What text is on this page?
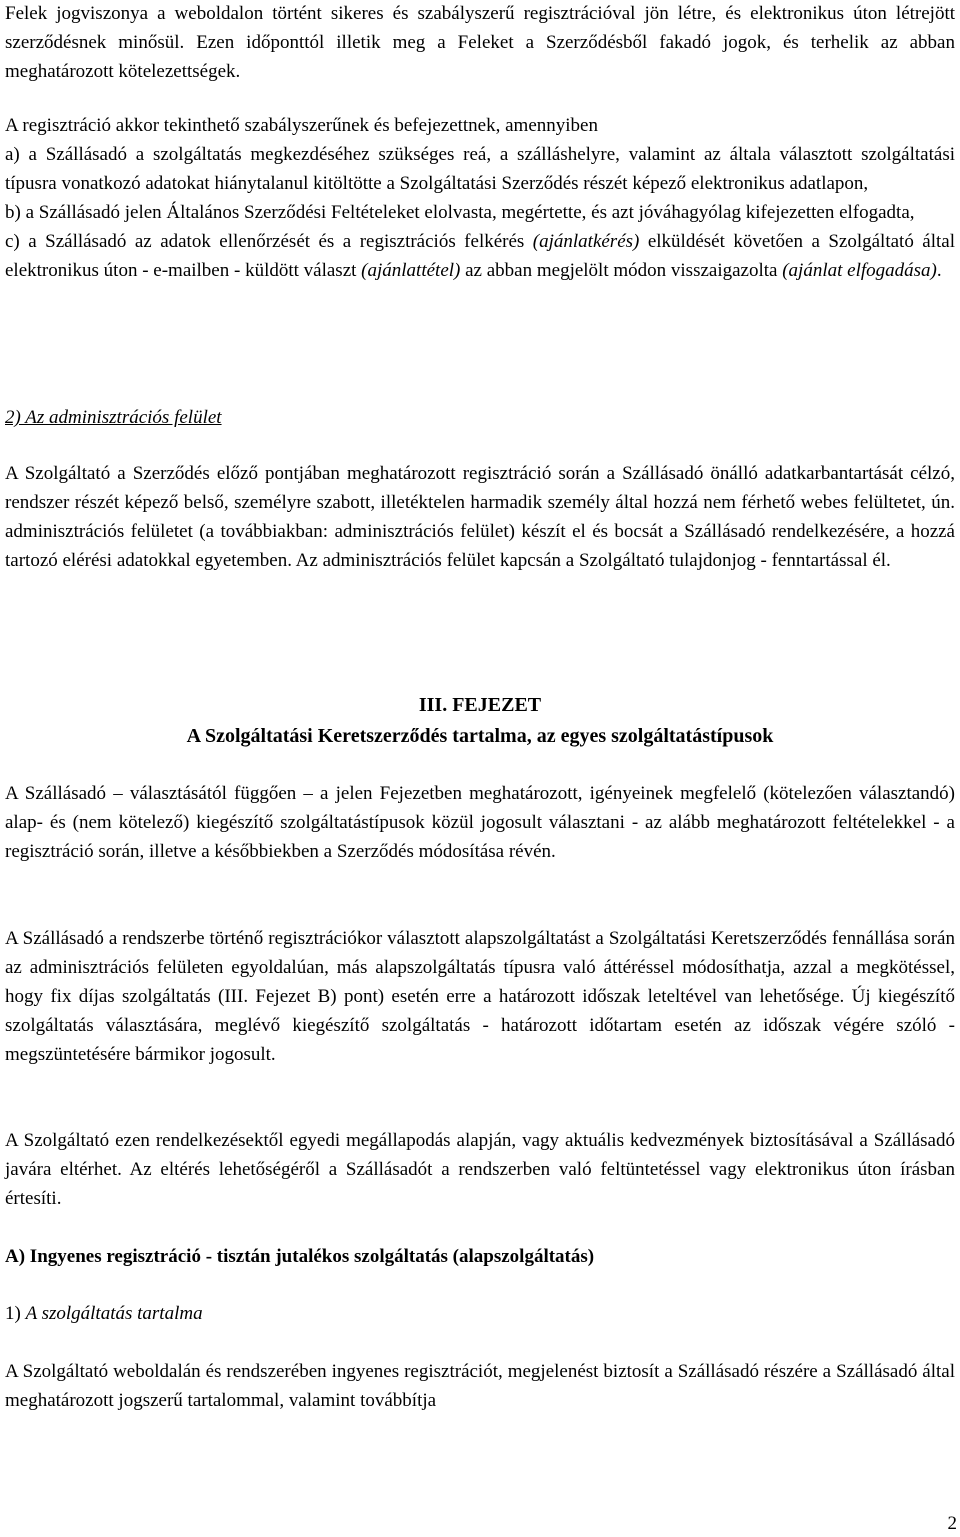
Felek jogviszonya a weboldalon történt sikeres és szabályszerű regisztrációval jön létre, és elektronikus úton létrejött szerződésnek minősül. Ezen időponttól illetik meg a Feleket a Szerződésből fakadó jogok, és terhelik az abban meghatározott kötelezettségek.

A regisztráció akkor tekinthető szabályszerűnek és befejezettnek, amennyiben

a) a Szállásadó a szolgáltatás megkezdéséhez szükséges reá, a szálláshelyre, valamint az általa választott szolgáltatási típusra vonatkozó adatokat hiánytalanul kitöltötte a Szolgáltatási Szerződés részét képező elektronikus adatlapon,

b) a Szállásadó jelen Általános Szerződési Feltételeket elolvasta, megértette, és azt jóváhagyólag kifejezetten elfogadta,

c) a Szállásadó az adatok ellenőrzését és a regisztrációs felkérés (ajánlatkérés) elküldését követően a Szolgáltató által elektronikus úton - e-mailben - küldött választ (ajánlattétel) az abban megjelölt módon visszaigazolta (ajánlat elfogadása).

2) Az adminisztrációs felület

A Szolgáltató a Szerződés előző pontjában meghatározott regisztráció során a Szállásadó önálló adatkarbantartását célzó, rendszer részét képező belső, személyre szabott, illetéktelen harmadik személy által hozzá nem férhető webes felültetet, ún. adminisztrációs felületet (a továbbiakban: adminisztrációs felület) készít el és bocsát a Szállásadó rendelkezésére, a hozzá tartozó elérési adatokkal egyetemben. Az adminisztrációs felület kapcsán a Szolgáltató tulajdonjog - fenntartással él.

III. FEJEZET
A Szolgáltatási Keretszerződés tartalma, az egyes szolgáltatástípusok

A Szállásadó – választásától függően – a jelen Fejezetben meghatározott, igényeinek megfelelő (kötelezően választandó) alap- és (nem kötelező) kiegészítő szolgáltatástípusok közül jogosult választani - az alább meghatározott feltételekkel - a regisztráció során, illetve a későbbiekben a Szerződés módosítása révén.

A Szállásadó a rendszerbe történő regisztrációkor választott alapszolgáltatást a Szolgáltatási Keretszerződés fennállása során az adminisztrációs felületen egyoldalúan, más alapszolgáltatás típusra való áttéréssel módosíthatja, azzal a megkötéssel, hogy fix díjas szolgáltatás (III. Fejezet B) pont) esetén erre a határozott időszak leteltével van lehetősége. Új kiegészítő szolgáltatás választására, meglévő kiegészítő szolgáltatás - határozott időtartam esetén az időszak végére szóló - megszüntetésére bármikor jogosult.

A Szolgáltató ezen rendelkezésektől egyedi megállapodás alapján, vagy aktuális kedvezmények biztosításával a Szállásadó javára eltérhet. Az eltérés lehetőségéről a Szállásadót a rendszerben való feltüntetéssel vagy elektronikus úton írásban értesíti.

A) Ingyenes regisztráció - tisztán jutalékos szolgáltatás (alapszolgáltatás)

1) A szolgáltatás tartalma

A Szolgáltató weboldalán és rendszerében ingyenes regisztrációt, megjelenést biztosít a Szállásadó részére a Szállásadó által meghatározott jogszerű tartalommal, valamint továbbítja

2
